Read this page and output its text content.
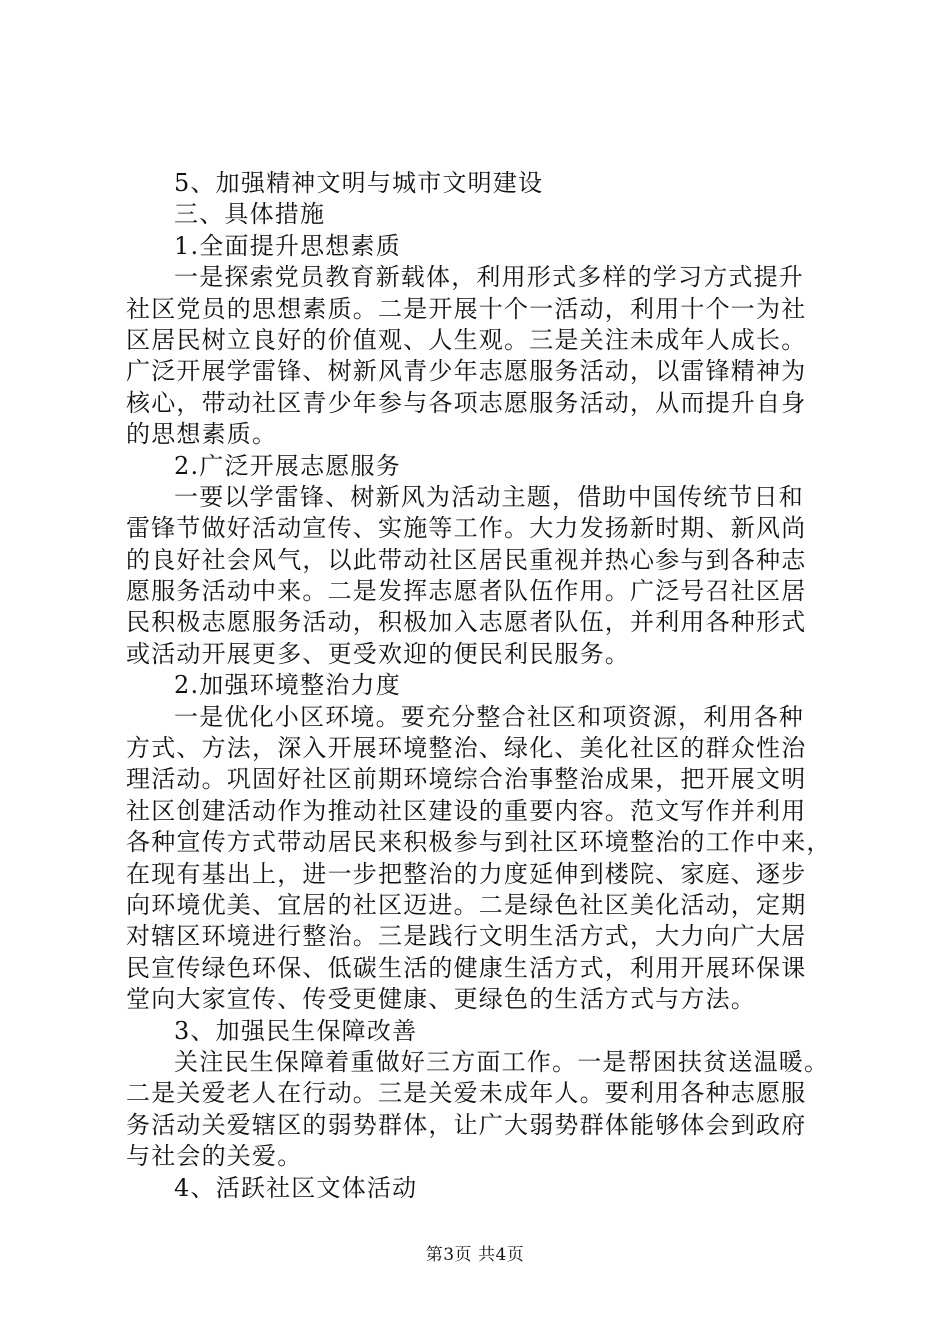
5、加强精神文明与城市文明建设
三、具体措施
1.全面提升思想素质
一是探索党员教育新载体，利用形式多样的学习方式提升
社区党员的思想素质。二是开展十个一活动，利用十个一为社
区居民树立良好的价值观、人生观。三是关注未成年人成长。
广泛开展学雷锋、树新风青少年志愿服务活动，以雷锋精神为
核心，带动社区青少年参与各项志愿服务活动，从而提升自身
的思想素质。
2.广泛开展志愿服务
一要以学雷锋、树新风为活动主题，借助中国传统节日和
雷锋节做好活动宣传、实施等工作。大力发扬新时期、新风尚
的良好社会风气，以此带动社区居民重视并热心参与到各种志
愿服务活动中来。二是发挥志愿者队伍作用。广泛号召社区居
民积极志愿服务活动，积极加入志愿者队伍，并利用各种形式
或活动开展更多、更受欢迎的便民利民服务。
2.加强环境整治力度
一是优化小区环境。要充分整合社区和项资源，利用各种
方式、方法，深入开展环境整治、绿化、美化社区的群众性治
理活动。巩固好社区前期环境综合治事整治成果，把开展文明
社区创建活动作为推动社区建设的重要内容。范文写作并利用
各种宣传方式带动居民来积极参与到社区环境整治的工作中来，
在现有基出上，进一步把整治的力度延伸到楼院、家庭、逐步
向环境优美、宜居的社区迈进。二是绿色社区美化活动，定期
对辖区环境进行整治。三是践行文明生活方式，大力向广大居
民宣传绿色环保、低碳生活的健康生活方式，利用开展环保课
堂向大家宣传、传受更健康、更绿色的生活方式与方法。
3、加强民生保障改善
关注民生保障着重做好三方面工作。一是帮困扶贫送温暖。
二是关爱老人在行动。三是关爱未成年人。要利用各种志愿服
务活动关爱辖区的弱势群体，让广大弱势群体能够体会到政府
与社会的关爱。
4、活跃社区文体活动
第3页 共4页
